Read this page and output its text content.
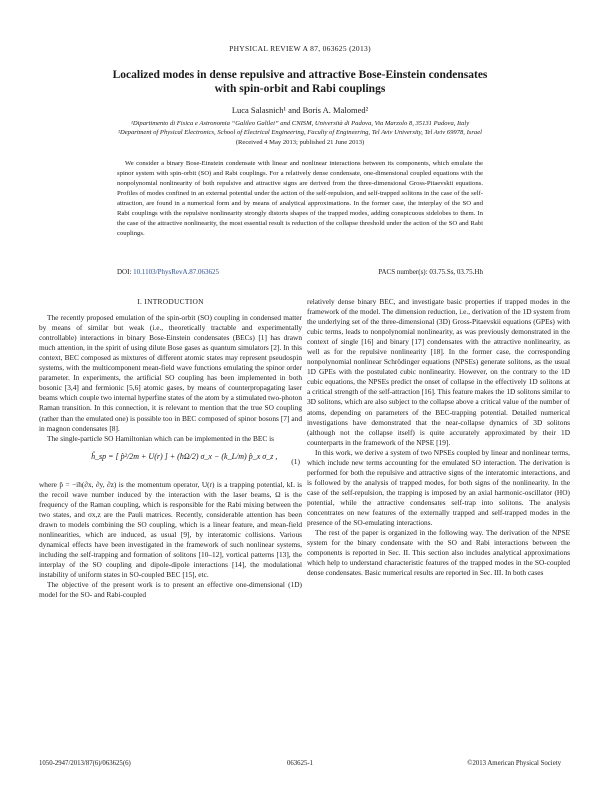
PHYSICAL REVIEW A 87, 063625 (2013)
Localized modes in dense repulsive and attractive Bose-Einstein condensates
with spin-orbit and Rabi couplings
Luca Salasnich¹ and Boris A. Malomed²
¹Dipartimento di Fisica e Astronomia “Galileo Galilei” and CNISM, Università di Padova, Via Marzolo 8, 35131 Padova, Italy
²Department of Physical Electronics, School of Electrical Engineering, Faculty of Engineering, Tel Aviv University, Tel Aviv 69978, Israel
(Received 4 May 2013; published 21 June 2013)
We consider a binary Bose-Einstein condensate with linear and nonlinear interactions between its components, which emulate the spinor system with spin-orbit (SO) and Rabi couplings. For a relatively dense condensate, one-dimensional coupled equations with the nonpolynomial nonlinearity of both repulsive and attractive signs are derived from the three-dimensional Gross-Pitaevskii equations. Profiles of modes confined in an external potential under the action of the self-repulsion, and self-trapped solitons in the case of the self-attraction, are found in a numerical form and by means of analytical approximations. In the former case, the interplay of the SO and Rabi couplings with the repulsive nonlinearity strongly distorts shapes of the trapped modes, adding conspicuous sidelobes to them. In the case of the attractive nonlinearity, the most essential result is reduction of the collapse threshold under the action of the SO and Rabi couplings.
DOI: 10.1103/PhysRevA.87.063625	PACS number(s): 03.75.Ss, 03.75.Hh
I. INTRODUCTION

The recently proposed emulation of the spin-orbit (SO) coupling in condensed matter by means of similar but weak (i.e., theoretically tractable and experimentally controllable) interactions in binary Bose-Einstein condensates (BECs) [1] has drawn much attention, in the spirit of using dilute Bose gases as quantum simulators [2]. In this context, BEC composed as mixtures of different atomic states may represent pseudospin systems, with the multicomponent mean-field wave functions emulating the spinor order parameter. In experiments, the artificial SO coupling has been implemented in both bosonic [3,4] and fermionic [5,6] atomic gases, by means of counterpropagating laser beams which couple two internal hyperfine states of the atom by a stimulated two-photon Raman transition. In this connection, it is relevant to mention that the true SO coupling (rather than the emulated one) is possible too in BEC composed of spinor bosons [7] and in magnon condensates [8].

The single-particle SO Hamiltonian which can be implemented in the BEC is

ĥ_sp = [ p̂²/2m + U(r) ] + (ħΩ/2) σ_x − (k_L/m) p̂_x σ_z ,
(1)

where p̂ = −iħ(∂x, ∂y, ∂z) is the momentum operator, U(r) is a trapping potential, kL is the recoil wave number induced by the interaction with the laser beams, Ω is the frequency of the Raman coupling, which is responsible for the Rabi mixing between the two states, and σx,z are the Pauli matrices. Recently, considerable attention has been drawn to models combining the SO coupling, which is a linear feature, and mean-field nonlinearities, which are induced, as usual [9], by interatomic collisions. Various dynamical effects have been investigated in the framework of such nonlinear systems, including the self-trapping and formation of solitons [10–12], vortical patterns [13], the interplay of the SO coupling and dipole-dipole interactions [14], the modulational instability of uniform states in SO-coupled BEC [15], etc.

The objective of the present work is to present an effective one-dimensional (1D) model for the SO- and Rabi-coupled

relatively dense binary BEC, and investigate basic properties if trapped modes in the framework of the model. The dimension reduction, i.e., derivation of the 1D system from the underlying set of the three-dimensional (3D) Gross-Pitaevskii equations (GPEs) with cubic terms, leads to nonpolynomial nonlinearity, as was previously demonstrated in the context of single [16] and binary [17] condensates with the attractive nonlinearity, as well as for the repulsive nonlinearity [18]. In the former case, the corresponding nonpolynomial nonlinear Schrödinger equations (NPSEs) generate solitons, as the usual 1D GPEs with the postulated cubic nonlinearity. However, on the contrary to the 1D cubic equations, the NPSEs predict the onset of collapse in the effectively 1D solitons at a critical strength of the self-attraction [16]. This feature makes the 1D solitons similar to 3D solitons, which are also subject to the collapse above a critical value of the number of atoms, depending on parameters of the BEC-trapping potential. Detailed numerical investigations have demonstrated that the near-collapse dynamics of 3D solitons (although not the collapse itself) is quite accurately approximated by their 1D counterparts in the framework of the NPSE [19].

In this work, we derive a system of two NPSEs coupled by linear and nonlinear terms, which include new terms accounting for the emulated SO interaction. The derivation is performed for both the repulsive and attractive signs of the interatomic interactions, and is followed by the analysis of trapped modes, for both signs of the nonlinearity. In the case of the self-repulsion, the trapping is imposed by an axial harmonic-oscillator (HO) potential, while the attractive condensates self-trap into solitons. The analysis concentrates on new features of the externally trapped and self-trapped modes in the presence of the SO-emulating interactions.

The rest of the paper is organized in the following way. The derivation of the NPSE system for the binary condensate with the SO and Rabi interactions between the components is reported in Sec. II. This section also includes analytical approximations which help to understand characteristic features of the trapped modes in the SO-coupled dense condensates. Basic numerical results are reported in Sec. III. In both cases

1050-2947/2013/87(6)/063625(6)	063625-1	©2013 American Physical Society
